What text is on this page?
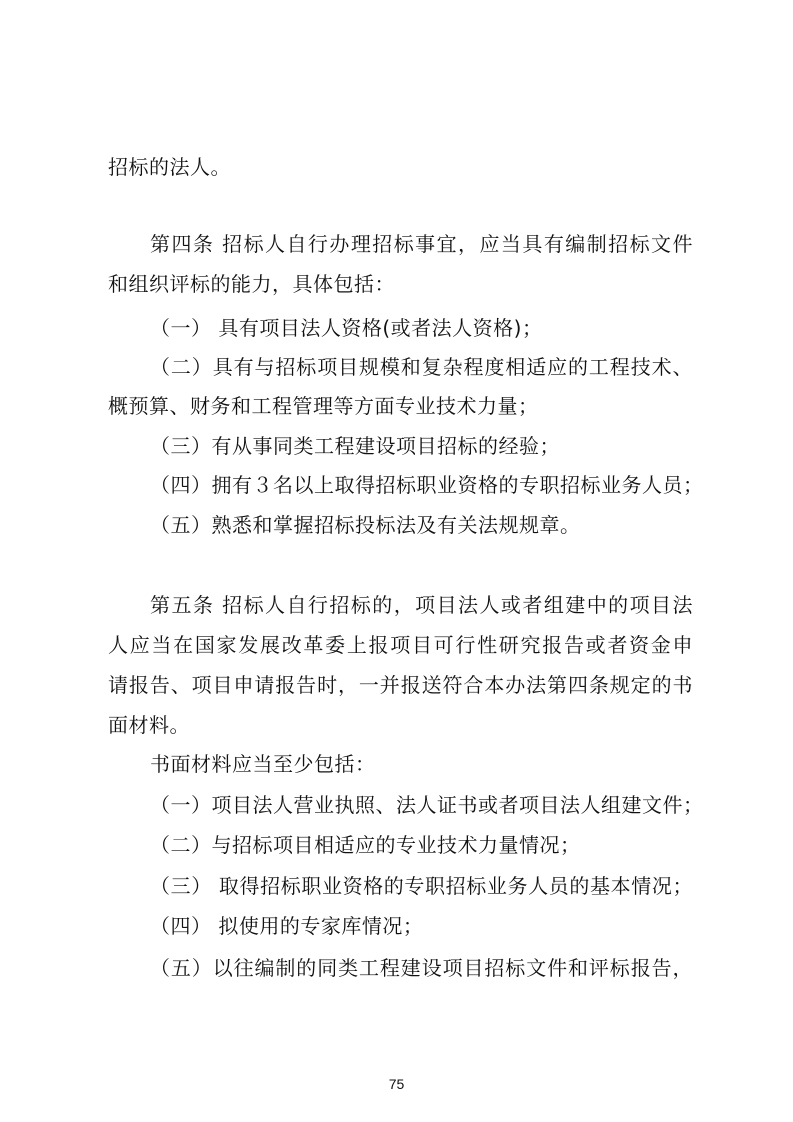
招标的法人。
第四条 招标人自行办理招标事宜，应当具有编制招标文件
和组织评标的能力，具体包括：
（一） 具有项目法人资格(或者法人资格)；
（二）具有与招标项目规模和复杂程度相适应的工程技术、
概预算、财务和工程管理等方面专业技术力量；
（三）有从事同类工程建设项目招标的经验；
（四）拥有３名以上取得招标职业资格的专职招标业务人员；
（五）熟悉和掌握招标投标法及有关法规规章。
第五条 招标人自行招标的，项目法人或者组建中的项目法
人应当在国家发展改革委上报项目可行性研究报告或者资金申
请报告、项目申请报告时，一并报送符合本办法第四条规定的书
面材料。
书面材料应当至少包括：
（一）项目法人营业执照、法人证书或者项目法人组建文件；
（二）与招标项目相适应的专业技术力量情况；
（三） 取得招标职业资格的专职招标业务人员的基本情况；
（四） 拟使用的专家库情况；
（五）以往编制的同类工程建设项目招标文件和评标报告，
75
